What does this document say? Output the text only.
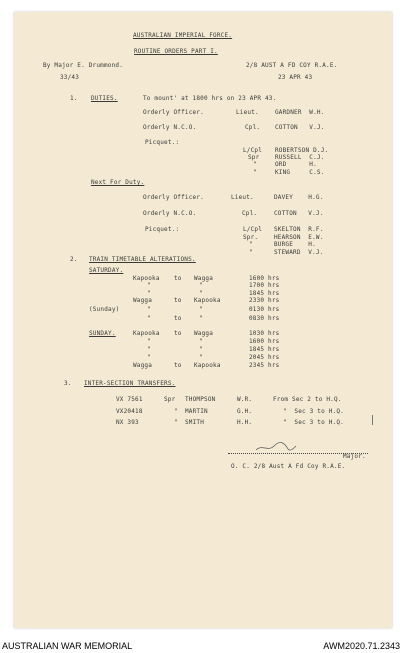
AUSTRALIAN IMPERIAL FORCE.
ROUTINE ORDERS PART I.
By Major E. Drummond.	2/8 AUST A FD COY R.A.E.
33/43	23 APR 43
1. DUTIES.	To mount' at 1800 hrs on 23 APR 43.
Orderly Officer.	Lieut.	GARDNER  W.H.
Orderly N.C.O.	Cpl. COTTON   V.J.
Picquet.:
L/Cpl ROBERTSON D.J.
Spr	RUSSELL  C.J.
"	ORD      H.
"	KING     C.S.
Next For Duty.
Orderly Officer.	Lieut.	DAVEY    H.G.
Orderly N.C.O.	Cpl.	COTTON   V.J.
Picquet.:	L/Cpl SKELTON  R.F.
Spr.	HEARSON  E.W.
"	BURGE    H.
"	STEWARD  V.J.
2. TRAIN TIMETABLE ALTERATIONS.
SATURDAY.
Kapooka to Wagga	1600 hrs
"	"	1700 hrs
"	"	1845 hrs
Wagga	to Kapooka	2330 hrs
(Sunday)	"	"	0130 hrs
"	to	"	0830 hrs
SUNDAY.	Kapooka to Wagga	1030 hrs
"	"	1600 hrs
"	"	1845 hrs
"	"	2045 hrs
Wagga	to Kapooka	2345 hrs
3. INTER-SECTION TRANSFERS.
VX 7561	Spr THOMPSON	W.R.	From Sec 2 to H.Q.
VX20418	" MARTIN	G.H.	"  Sec 3 to H.Q.
NX 393	" SMITH	H.H.	"  Sec 3 to H.Q.
Major.
O. C. 2/8 Aust A Fd Coy R.A.E.
AUSTRALIAN WAR MEMORIAL	AWM2020.71.2343
